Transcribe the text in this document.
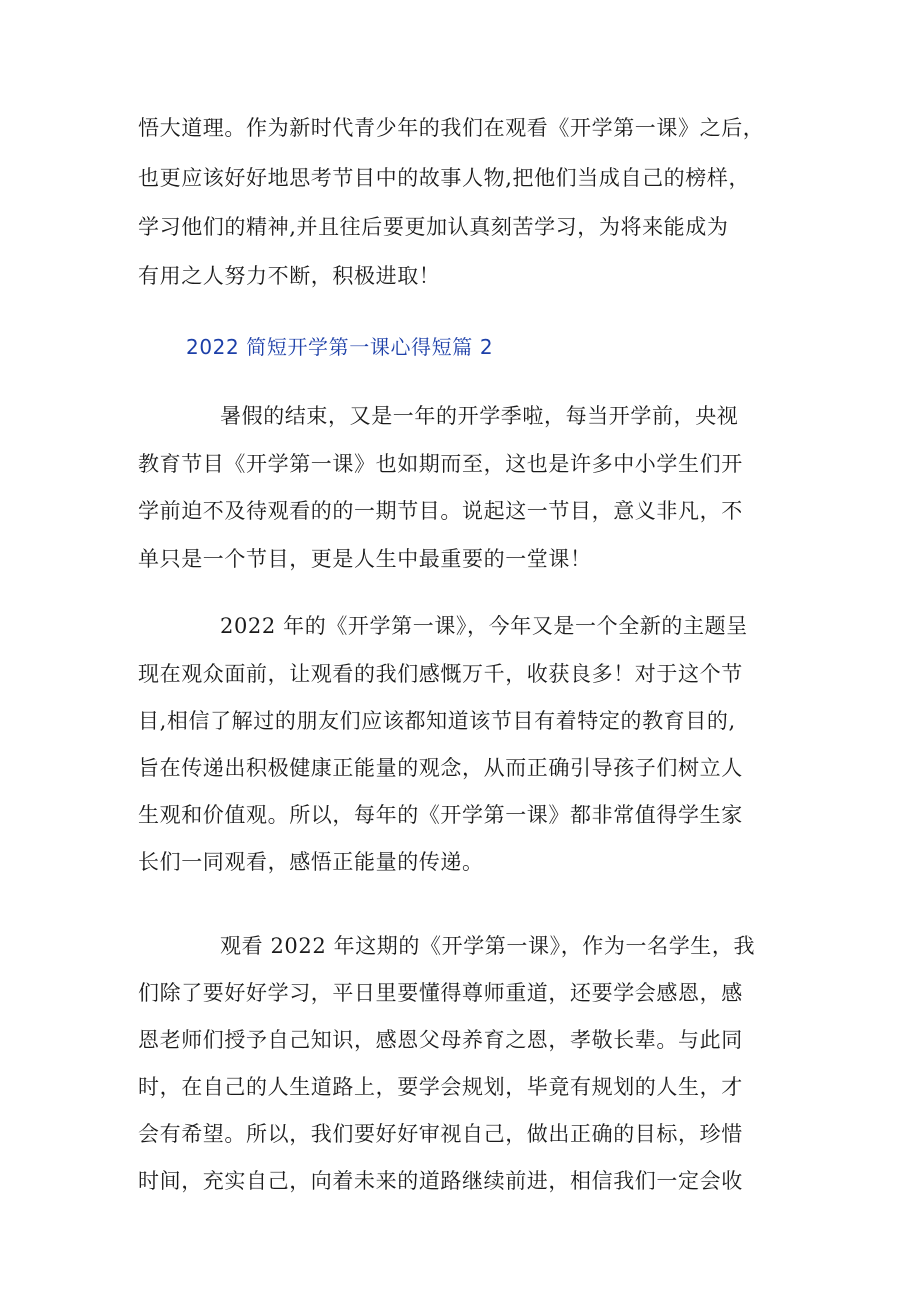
悟大道理。作为新时代青少年的我们在观看《开学第一课》之后，
也更应该好好地思考节目中的故事人物,把他们当成自己的榜样，
学习他们的精神,并且往后要更加认真刻苦学习，为将来能成为
有用之人努力不断，积极进取！
2022 简短开学第一课心得短篇 2
暑假的结束，又是一年的开学季啦，每当开学前，央视
教育节目《开学第一课》也如期而至，这也是许多中小学生们开
学前迫不及待观看的的一期节目。说起这一节目，意义非凡，不
单只是一个节目，更是人生中最重要的一堂课！
2022 年的《开学第一课》，今年又是一个全新的主题呈
现在观众面前，让观看的我们感慨万千，收获良多！对于这个节
目,相信了解过的朋友们应该都知道该节目有着特定的教育目的,
旨在传递出积极健康正能量的观念，从而正确引导孩子们树立人
生观和价值观。所以，每年的《开学第一课》都非常值得学生家
长们一同观看，感悟正能量的传递。
观看 2022 年这期的《开学第一课》，作为一名学生，我
们除了要好好学习，平日里要懂得尊师重道，还要学会感恩，感
恩老师们授予自己知识，感恩父母养育之恩，孝敬长辈。与此同
时，在自己的人生道路上，要学会规划，毕竟有规划的人生，才
会有希望。所以，我们要好好审视自己，做出正确的目标，珍惜
时间，充实自己，向着未来的道路继续前进，相信我们一定会收
